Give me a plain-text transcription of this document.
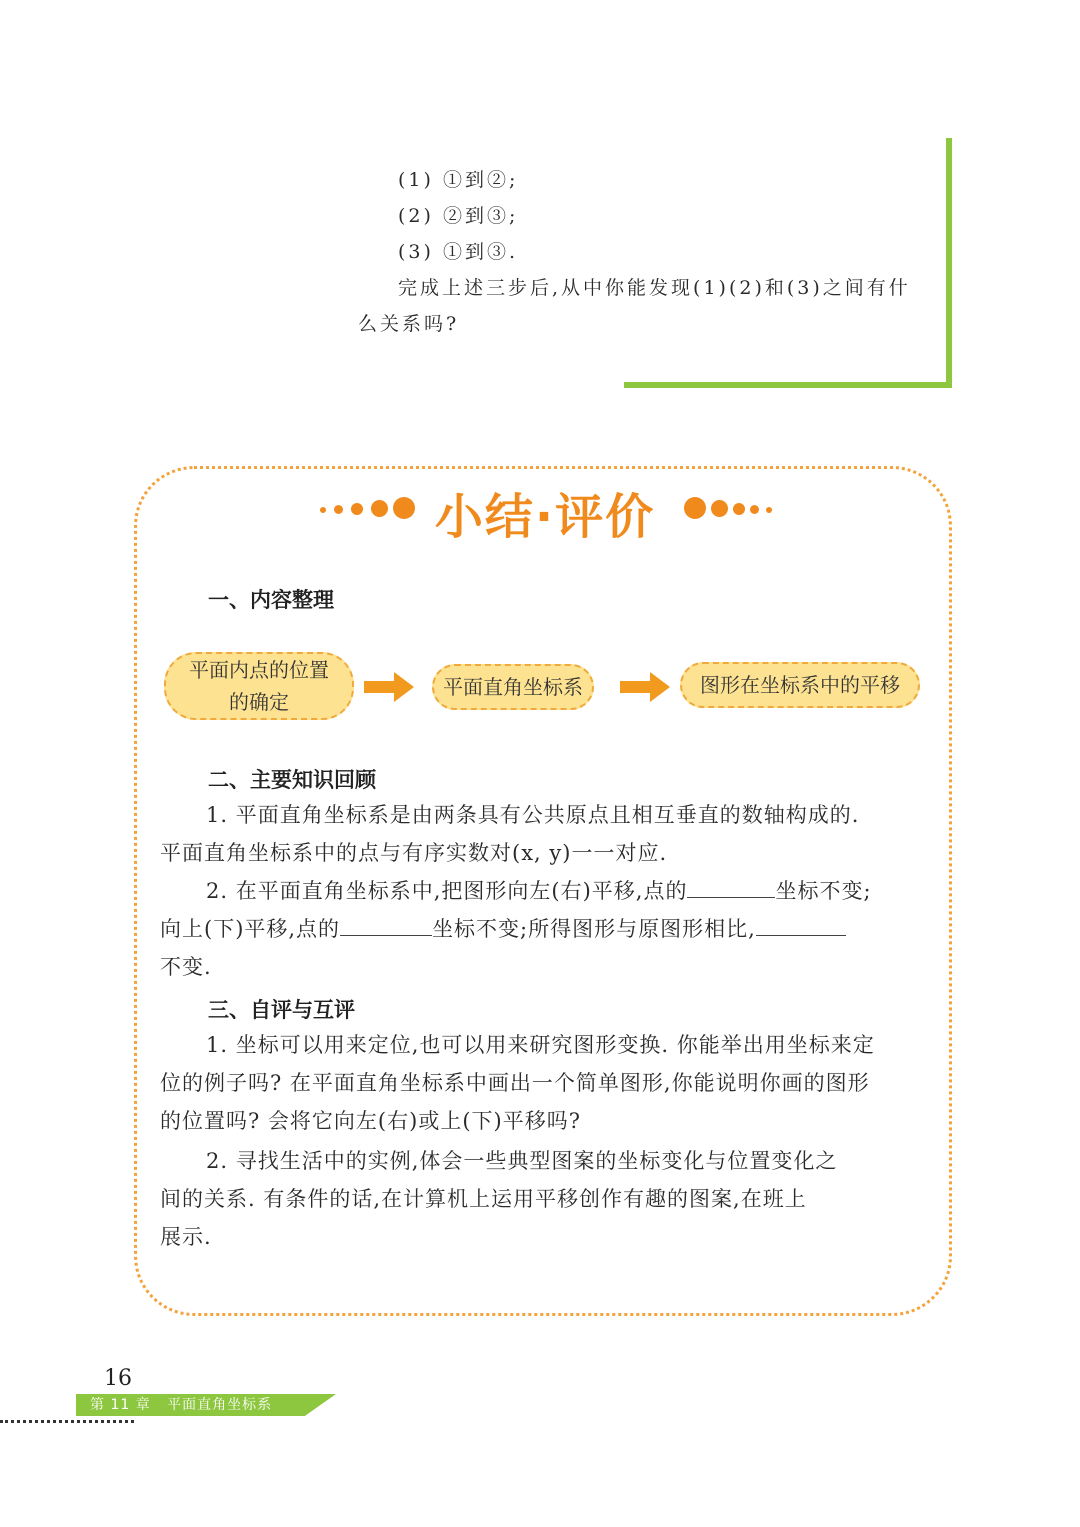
(1) ①到②;
(2) ②到③;
(3) ①到③.
完成上述三步后,从中你能发现(1)(2)和(3)之间有什
么关系吗?
小结·评价
一、内容整理
平面内点的位置
的确定
平面直角坐标系	图形在坐标系中的平移
二、主要知识回顾
1. 平面直角坐标系是由两条具有公共原点且相互垂直的数轴构成的.
平面直角坐标系中的点与有序实数对(x, y)一一对应.
2. 在平面直角坐标系中,把图形向左(右)平移,点的	坐标不变;
向上(下)平移,点的	坐标不变;所得图形与原图形相比,
不变.
三、自评与互评
1. 坐标可以用来定位,也可以用来研究图形变换. 你能举出用坐标来定
位的例子吗? 在平面直角坐标系中画出一个简单图形,你能说明你画的图形
的位置吗? 会将它向左(右)或上(下)平移吗?
2. 寻找生活中的实例,体会一些典型图案的坐标变化与位置变化之
间的关系. 有条件的话,在计算机上运用平移创作有趣的图案,在班上
展示.
16
第 11 章   平面直角坐标系
